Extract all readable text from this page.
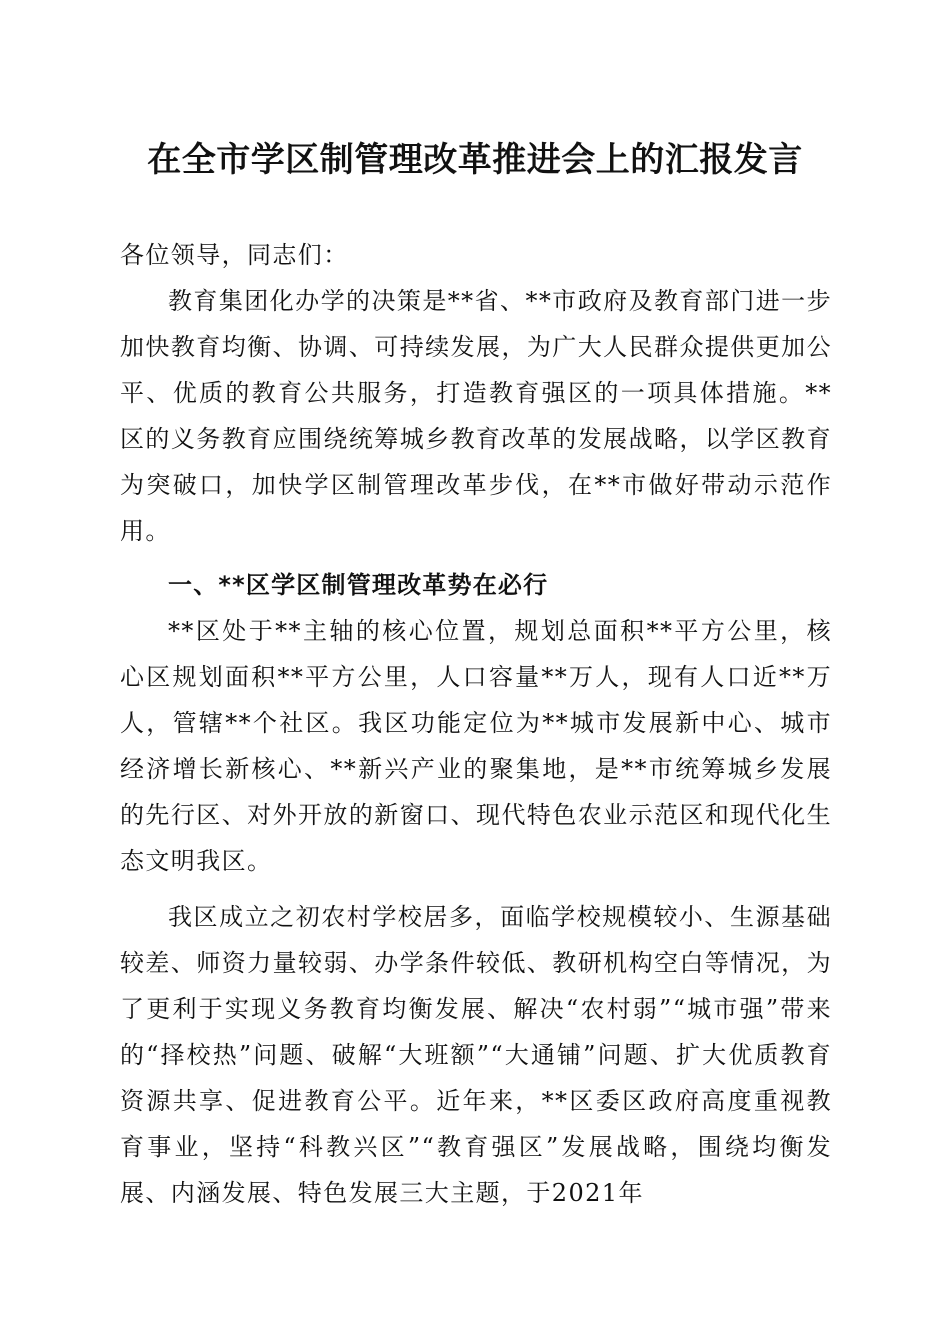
在全市学区制管理改革推进会上的汇报发言

各位领导，同志们：

教育集团化办学的决策是**省、**市政府及教育部门进一步加快教育均衡、协调、可持续发展，为广大人民群众提供更加公平、优质的教育公共服务，打造教育强区的一项具体措施。**区的义务教育应围绕统筹城乡教育改革的发展战略，以学区教育为突破口，加快学区制管理改革步伐，在**市做好带动示范作用。

一、**区学区制管理改革势在必行

**区处于**主轴的核心位置，规划总面积**平方公里，核心区规划面积**平方公里，人口容量**万人，现有人口近**万人，管辖**个社区。我区功能定位为**城市发展新中心、城市经济增长新核心、**新兴产业的聚集地，是**市统筹城乡发展的先行区、对外开放的新窗口、现代特色农业示范区和现代化生态文明我区。

我区成立之初农村学校居多，面临学校规模较小、生源基础较差、师资力量较弱、办学条件较低、教研机构空白等情况，为了更利于实现义务教育均衡发展、解决“农村弱”“城市强”带来的“择校热”问题、破解“大班额”“大通铺”问题、扩大优质教育资源共享、促进教育公平。近年来，**区委区政府高度重视教育事业，坚持“科教兴区”“教育强区”发展战略，围绕均衡发展、内涵发展、特色发展三大主题，于2021年
